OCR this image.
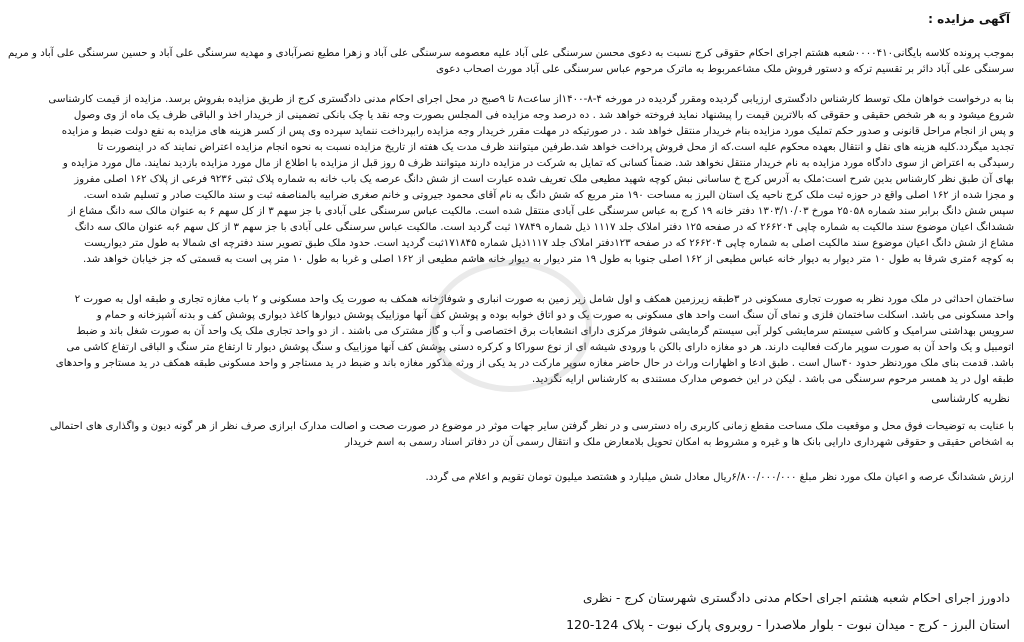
آگهی مزایده :

بموجب پرونده کلاسه بایگانی۰۰۰۰۴۱۰شعبه هشتم اجرای احکام حقوقی کرج نسبت به دعوی محسن سرسنگی علی آباد علیه معصومه سرسنگی علی آباد و زهرا مطیع نصرآبادی و مهدیه سرسنگی علی آباد و حسین سرسنگی علی آباد و مریم سرسنگی علی آباد دائر بر تقسیم ترکه و دستور فروش ملک مشاعمربوط به ماترک مرحوم عباس سرسنگی علی آباد مورث اصحاب دعوی

بنا به درخواست خواهان ملک توسط کارشناس دادگستری ارزیابی گردیده ومقرر گردیده در مورخه ۴-۸-۱۴۰۰از ساعت۸ تا ۹صبح در محل اجرای احکام مدنی دادگستری کرج از طریق مزایده بفروش برسد. مزایده از قیمت کارشناسی

شروع میشود و به هر شخص حقیقی و حقوقی که بالاترین قیمت را پیشنهاد نماید فروخته خواهد شد . ده درصد وجه مزایده فی المجلس بصورت وجه نقد یا چک بانکی تضمینی از خریدار اخذ و الباقی ظرف یک ماه از وی وصول

و پس از انجام مراحل قانونی و صدور حکم تملیک مورد مزایده بنام خریدار منتقل خواهد شد . در صورتیکه در مهلت مقرر خریدار وجه مزایده رابپرداخت ننماید سپرده وی پس از کسر هزینه های مزایده به نفع دولت ضبط و مزایده

تجدید میگردد.کلیه هزینه های نقل و انتقال بعهده محکوم علیه است.که از محل فروش پرداخت خواهد شد.طرفین میتوانند ظرف مدت یک هفته از تاریخ مزایده نسبت به نحوه انجام مزایده اعتراض نمایند که در اینصورت تا

رسیدگی به اعتراض از سوی دادگاه مورد مزایده به نام خریدار منتقل نخواهد شد. ضمناً کسانی که تمایل به شرکت در مزایده دارند میتوانند ظرف ۵ روز قبل از مزایده با اطلاع از مال مورد مزایده بازدید نمایند. مال مورد مزایده و

بهای آن طبق نظر کارشناس بدین شرح است:ملک به آدرس کرج خ ساسانی نبش کوچه شهید مطیعی ملک تعریف شده عبارت است از شش دانگ عرصه یک باب خانه به شماره پلاک ثبتی ۹۲۳۶ فرعی از پلاک ۱۶۲ اصلی مفروز

و مجزا شده از ۱۶۲ اصلی واقع در حوزه ثبت ملک کرج ناحیه یک استان البرز به مساحت ۱۹۰ متر مربع که شش دانگ به نام آقای محمود جیروتی و خانم صغری ضرابیه بالمناصفه ثبت و سند مالکیت صادر و تسلیم شده است.

سپس شش دانگ برابر سند شماره ۲۵۰۵۸ مورخ ۱۳۰۳/۱۰/۰۳ دفتر خانه ۱۹ کرج به عباس سرسنگی علی آبادی منتقل شده است. مالکیت عباس سرسنگی علی آبادی با جز سهم ۳ از کل سهم ۶ به عنوان مالک سه دانگ مشاع از

ششدانگ اعیان موضوع سند مالکیت به شماره چاپی ۲۶۶۲۰۴ که در صفحه ۱۲۵ دفتر املاک جلد ۱۱۱۷ ذیل شماره ۱۷۸۴۹ ثبت گردید است. مالکیت عباس سرسنگی علی آبادی با جز سهم ۳ از کل سهم ۶به عنوان مالک سه دانگ

مشاع از شش دانگ اعیان موضوع سند مالکیت اصلی به شماره چاپی ۲۶۶۲۰۴ که در صفحه ۱۲۳دفتر املاک جلد ۱۱۱۷ذیل شماره ۱۷۱۸۴۵ثبت گردید است. حدود ملک طبق تصویر سند دفترچه ای شمالا به طول متر دیواریست

به کوچه ۶متری شرقا به طول ۱۰ متر دیوار به دیوار خانه عباس مطیعی از ۱۶۲ اصلی جنوبا به طول ۱۹ متر دیوار به دیوار خانه هاشم مطیعی از ۱۶۲ اصلی و غربا به طول ۱۰ متر پی است به قسمتی که جز خیابان خواهد شد.

ساختمان احداثی در ملک مورد نظر به صورت تجاری مسکونی در ۳طبقه زیرزمین همکف و اول شامل زیر زمین به صورت انباری و شوفاژخانه همکف به صورت یک واحد مسکونی و ۲ باب مغازه تجاری و طبقه اول به صورت ۲

واحد مسکونی می باشد. اسکلت ساختمان فلزی و نمای آن سنگ است واحد های مسکونی به صورت یک و دو اتاق خوابه بوده و پوشش کف آنها موزاییک پوشش دیوارها کاغذ دیواری پوشش کف و بدنه آشپزخانه و حمام و

سرویس بهداشتی سرامیک و کاشی سیستم سرمایشی کولر آبی سیستم گرمایشی شوفاژ مرکزی دارای انشعابات برق اختصاصی و آب و گاز مشترک می باشند . از دو واحد تجاری ملک یک واحد آن به صورت شغل باند و ضبط

اتومبیل و یک واحد آن به صورت سوپر مارکت فعالیت دارند. هر دو مغازه دارای بالکن با ورودی شیشه ای از نوع سوراکا و کرکره دستی پوشش کف آنها موزاییک و سنگ پوشش دیوار تا ارتفاع متر سنگ و الباقی ارتفاع کاشی می

باشد. قدمت بنای ملک موردنظر حدود ۴۰سال است . طبق ادعا و اظهارات وراث در حال حاضر مغازه سوپر مارکت در ید یکی از ورثه مذکور مغازه باند و ضبط در ید مستاجر و واحد مسکونی طبقه همکف در ید مستاجر و واحدهای

طبقه اول در ید همسر مرحوم سرسنگی می باشد . لیکن در این خصوص مدارک مستندی به کارشناس ارایه نگردید.

نظریه کارشناسی

با عنایت به توضیحات فوق محل و موقعیت ملک مساحت مقطع زمانی کاربری راه دسترسی و در نظر گرفتن سایر جهات موثر در موضوع در صورت صحت و اصالت مدارک ابرازی صرف نظر از هر گونه دیون و واگذاری های احتمالی

به اشخاص حقیقی و حقوقی شهرداری دارایی بانک ها و غیره و مشروط به امکان تحویل بلامعارض ملک و انتقال رسمی آن در دفاتر اسناد رسمی به اسم خریدار

ارزش ششدانگ عرصه و اعیان ملک مورد نظر مبلغ ۶/۸۰۰/۰۰۰/۰۰۰ریال معادل شش میلیارد و هشتصد میلیون تومان تقویم و اعلام می گردد.

دادورز اجرای احکام شعبه هشتم اجرای احکام مدنی دادگستری شهرستان کرج - نظری
استان البرز - کرج - میدان نبوت - بلوار ملاصدرا - روبروی پارک نبوت - پلاک 124-120
